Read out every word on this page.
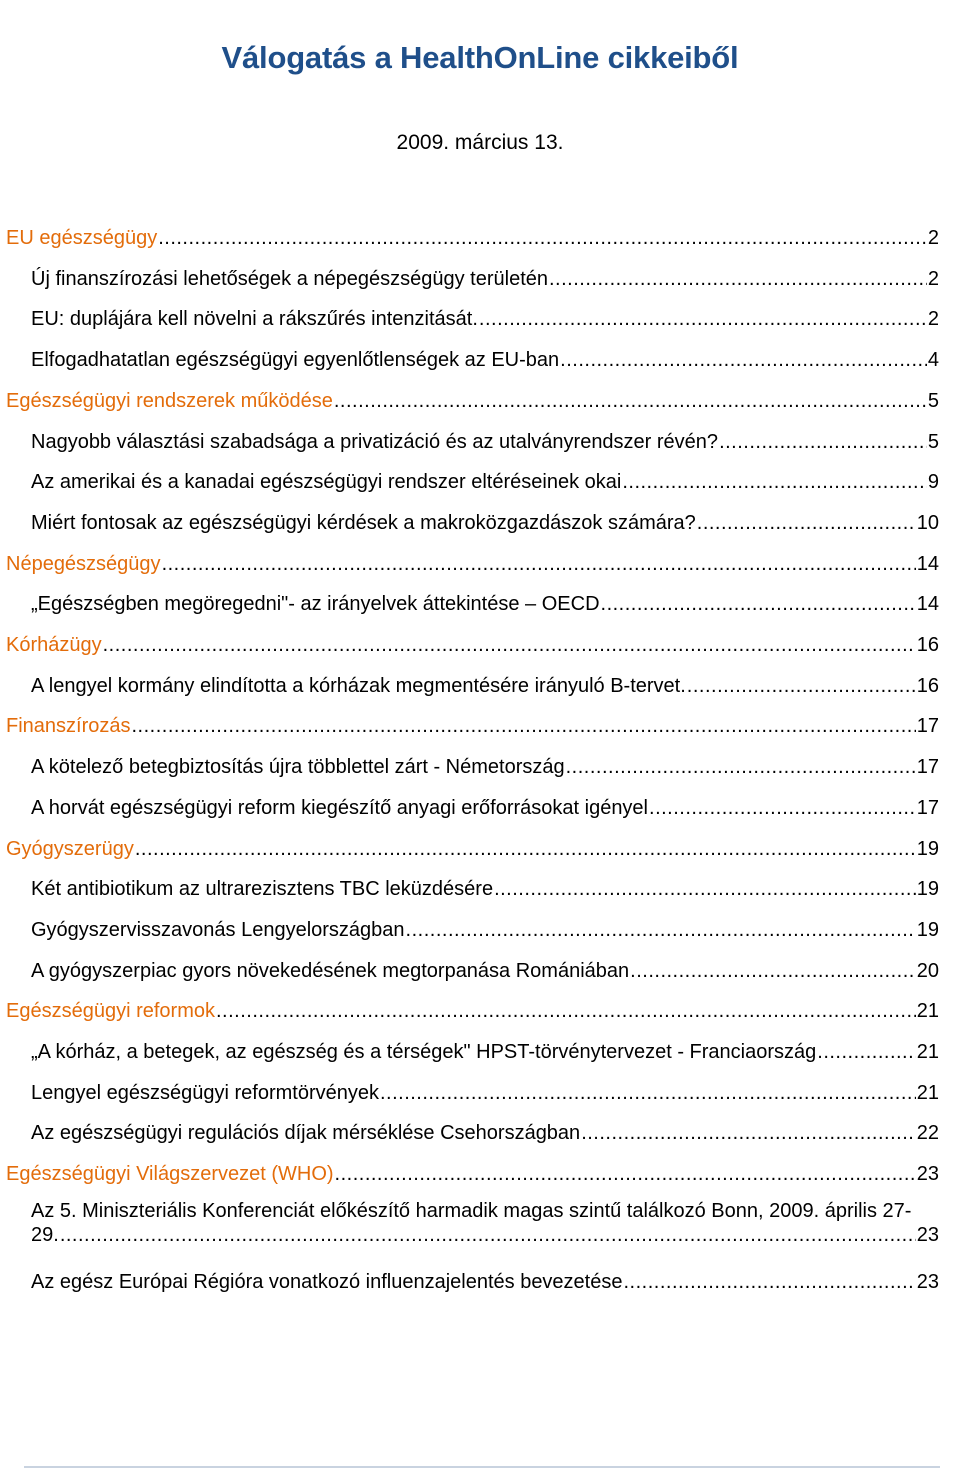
Válogatás a HealthOnLine cikkeiből
2009. március 13.
EU egészségügy .....	2
Új finanszírozási lehetőségek a népegészségügy területén .....	2
EU: duplájára kell növelni a rákszűrés intenzitását. .....	2
Elfogadhatatlan egészségügyi egyenlőtlenségek az EU-ban .....	4
Egészségügyi rendszerek működése .....	5
Nagyobb választási szabadsága a privatizáció és az utalványrendszer révén? .....	5
Az amerikai és a kanadai egészségügyi rendszer eltéréseinek okai .....	9
Miért fontosak az egészségügyi kérdések a makroközgazdászok számára? .....	10
Népegészségügy .....	14
„Egészségben megöregedni"- az irányelvek áttekintése – OECD .....	14
Kórházügy .....	16
A lengyel kormány elindította a kórházak megmentésére irányuló B-tervet. .....	16
Finanszírozás .....	17
A kötelező betegbiztosítás újra többlettel zárt - Németország .....	17
A horvát egészségügyi reform kiegészítő anyagi erőforrásokat igényel .....	17
Gyógyszerügy .....	19
Két antibiotikum az ultrarezisztens TBC leküzdésére .....	19
Gyógyszervisszavonás Lengyelországban .....	19
A gyógyszerpiac gyors növekedésének megtorpanása Romániában .....	20
Egészségügyi reformok .....	21
„A kórház, a betegek, az egészség és a térségek" HPST-törvénytervezet - Franciaország .....	21
Lengyel egészségügyi reformtörvények .....	21
Az egészségügyi regulációs díjak mérséklése Csehországban .....	22
Egészségügyi Világszervezet (WHO) .....	23
Az 5. Miniszteriális Konferenciát előkészítő harmadik magas szintű találkozó Bonn, 2009. április 27-
29. .....	23
Az egész Európai Régióra vonatkozó influenzajelentés bevezetése .....	23
